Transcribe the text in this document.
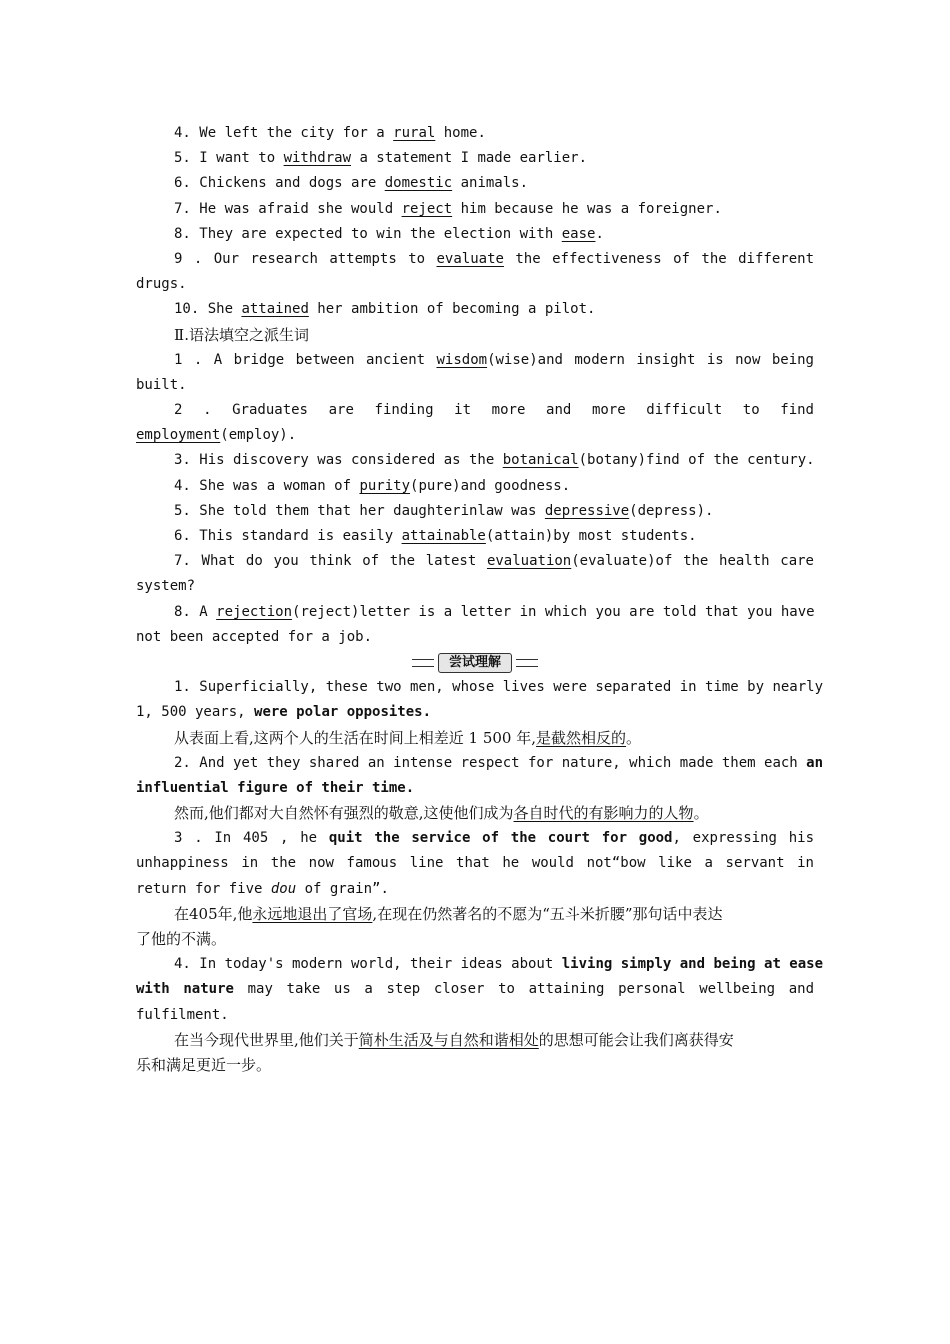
4. We left the city for a rural home.
5. I want to withdraw a statement I made earlier.
6. Chickens and dogs are domestic animals.
7. He was afraid she would reject him because he was a foreigner.
8. They are expected to win the election with ease.
9 . Our research attempts to evaluate the effectiveness of the different
drugs.
10. She attained her ambition of becoming a pilot.
Ⅱ.语法填空之派生词
1 . A bridge between ancient wisdom(wise)and modern insight is now being
built.
2 . Graduates are finding it more and more difficult to find
employment(employ).
3. His discovery was considered as the botanical(botany)find of the century.
4. She was a woman of purity(pure)and goodness.
5. She told them that her daughterinlaw was depressive(depress).
6. This standard is easily attainable(attain)by most students.
7. What do you think of the latest evaluation(evaluate)of the health care
system?
8. A rejection(reject)letter is a letter in which you are told that you have
not been accepted for a job.
尝试理解
1. Superficially, these two men, whose lives were separated in time by nearly
1, 500 years, were polar opposites.
从表面上看,这两个人的生活在时间上相差近 1 500 年,是截然相反的。
2. And yet they shared an intense respect for nature, which made them each an
influential figure of their time.
然而,他们都对大自然怀有强烈的敬意,这使他们成为各自时代的有影响力的人物。
3 . In 405 , he quit the service of the court for good, expressing his
unhappiness in the now famous line that he would not“bow like a servant in
return for five dou of grain”.
在405年,他永远地退出了官场,在现在仍然著名的不愿为“五斗米折腰”那句话中表达
了他的不满。
4. In today's modern world, their ideas about living simply and being at ease
with nature may take us a step closer to attaining personal wellbeing and
fulfilment.
在当今现代世界里,他们关于简朴生活及与自然和谐相处的思想可能会让我们离获得安
乐和满足更近一步。
